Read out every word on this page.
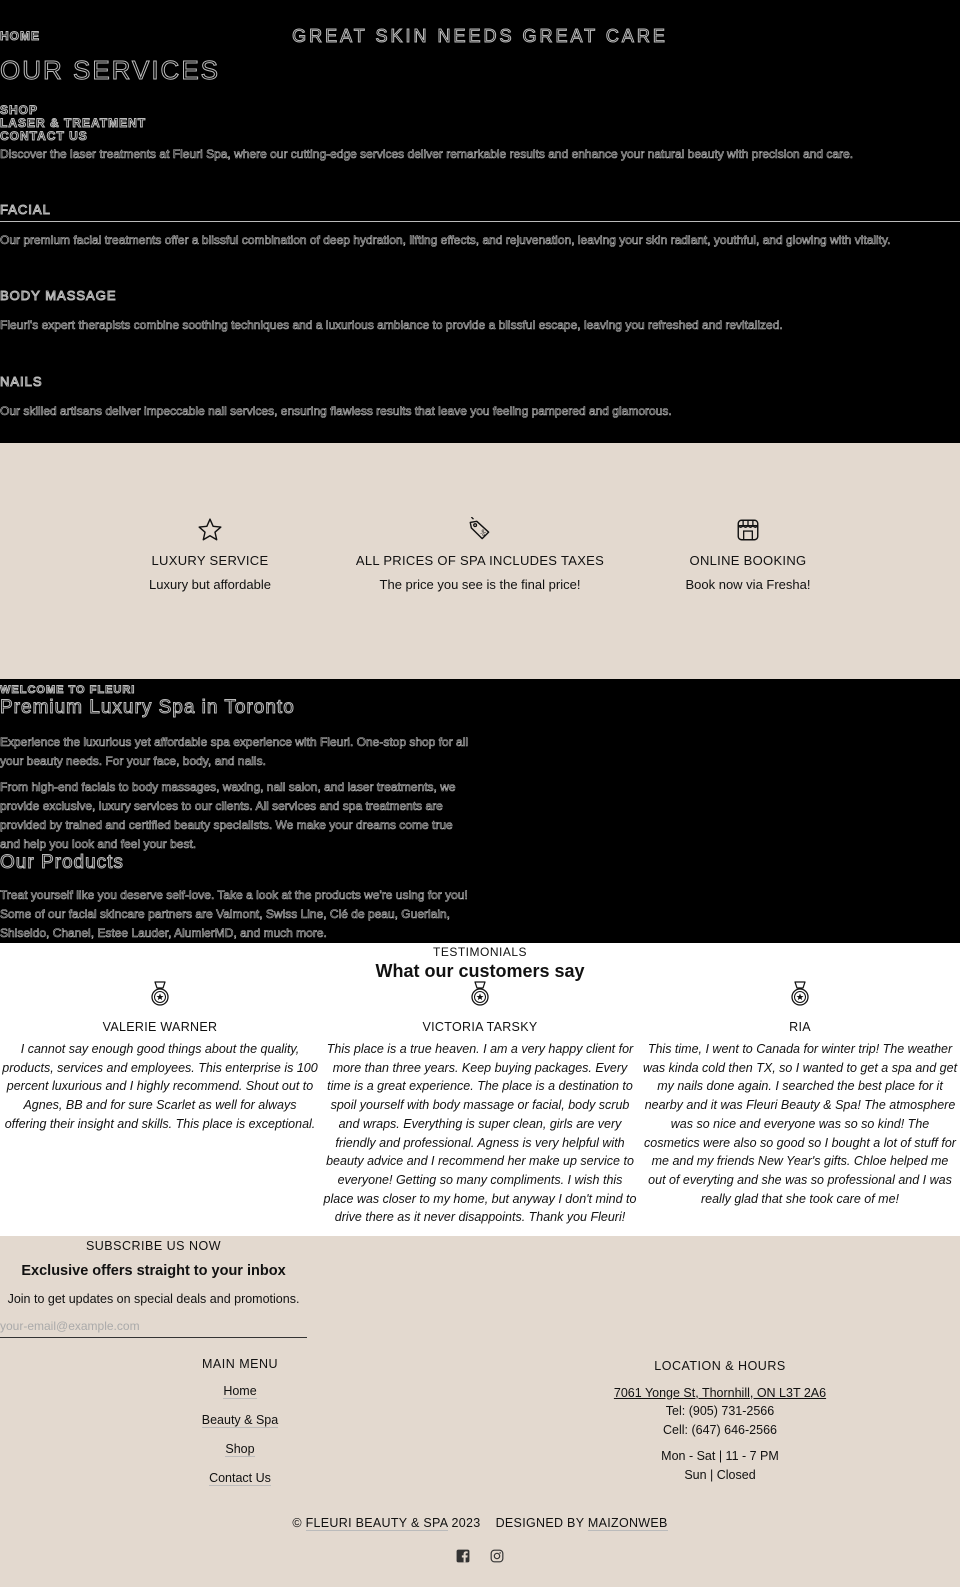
HOME	GREAT SKIN NEEDS GREAT CARE
OUR SERVICES
SHOP
LASER & TREATMENT
CONTACT US
Discover the laser treatments at Fleuri Spa, where our cutting-edge services deliver remarkable results and enhance your natural beauty with precision and care.
FACIAL
Our premium facial treatments offer a blissful combination of deep hydration, lifting effects, and rejuvenation, leaving your skin radiant, youthful, and glowing with vitality.
BODY MASSAGE
Fleuri's expert therapists combine soothing techniques and a luxurious ambiance to provide a blissful escape, leaving you refreshed and revitalized.
NAILS
Our skilled artisans deliver impeccable nail services, ensuring flawless results that leave you feeling pampered and glamorous.
LUXURY SERVICE
Luxury but affordable
%
ALL PRICES OF SPA INCLUDES TAXES
The price you see is the final price!
ONLINE BOOKING
Book now via Fresha!
WELCOME TO FLEURI
Premium Luxury Spa in Toronto
Experience the luxurious yet affordable spa experience with Fleuri. One-stop shop for all your beauty needs. For your face, body, and nails.
From high-end facials to body massages, waxing, nail salon, and laser treatments, we provide exclusive, luxury services to our clients. All services and spa treatments are provided by trained and certified beauty specialists. We make your dreams come true and help you look and feel your best.
Our Products
Treat yourself like you deserve self-love. Take a look at the products we're using for you! Some of our facial skincare partners are Valmont, Swiss Line, Clé de peau, Guerlain, Shiseido, Chanel, Estee Lauder, AlumierMD, and much more.
TESTIMONIALS
What our customers say
VALERIE WARNER
I cannot say enough good things about the quality, products, services and employees. This enterprise is 100 percent luxurious and I highly recommend. Shout out to Agnes, BB and for sure Scarlet as well for always offering their insight and skills. This place is exceptional.
VICTORIA TARSKY
This place is a true heaven. I am a very happy client for more than three years. Keep buying packages. Every time is a great experience. The place is a destination to spoil yourself with body massage or facial, body scrub and wraps. Everything is super clean, girls are very friendly and professional. Agness is very helpful with beauty advice and I recommend her make up service to everyone! Getting so many compliments. I wish this place was closer to my home, but anyway I don't mind to drive there as it never disappoints. Thank you Fleuri!
RIA
This time, I went to Canada for winter trip! The weather was kinda cold then TX, so I wanted to get a spa and get my nails done again. I searched the best place for it nearby and it was Fleuri Beauty & Spa! The atmosphere was so nice and everyone was so so kind! The cosmetics were also so good so I bought a lot of stuff for me and my friends New Year's gifts. Chloe helped me out of everyting and she was so professional and I was really glad that she took care of me!
SUBSCRIBE US NOW
Exclusive offers straight to your inbox
Join to get updates on special deals and promotions.
your-email@example.com
MAIN MENU
Home
Beauty & Spa
Shop
Contact Us
LOCATION & HOURS
7061 Yonge St, Thornhill, ON L3T 2A6
Tel: (905) 731-2566
Cell: (647) 646-2566
Mon - Sat | 11 - 7 PM
Sun | Closed
© FLEURI BEAUTY & SPA 2023 DESIGNED BY MAIZONWEB
